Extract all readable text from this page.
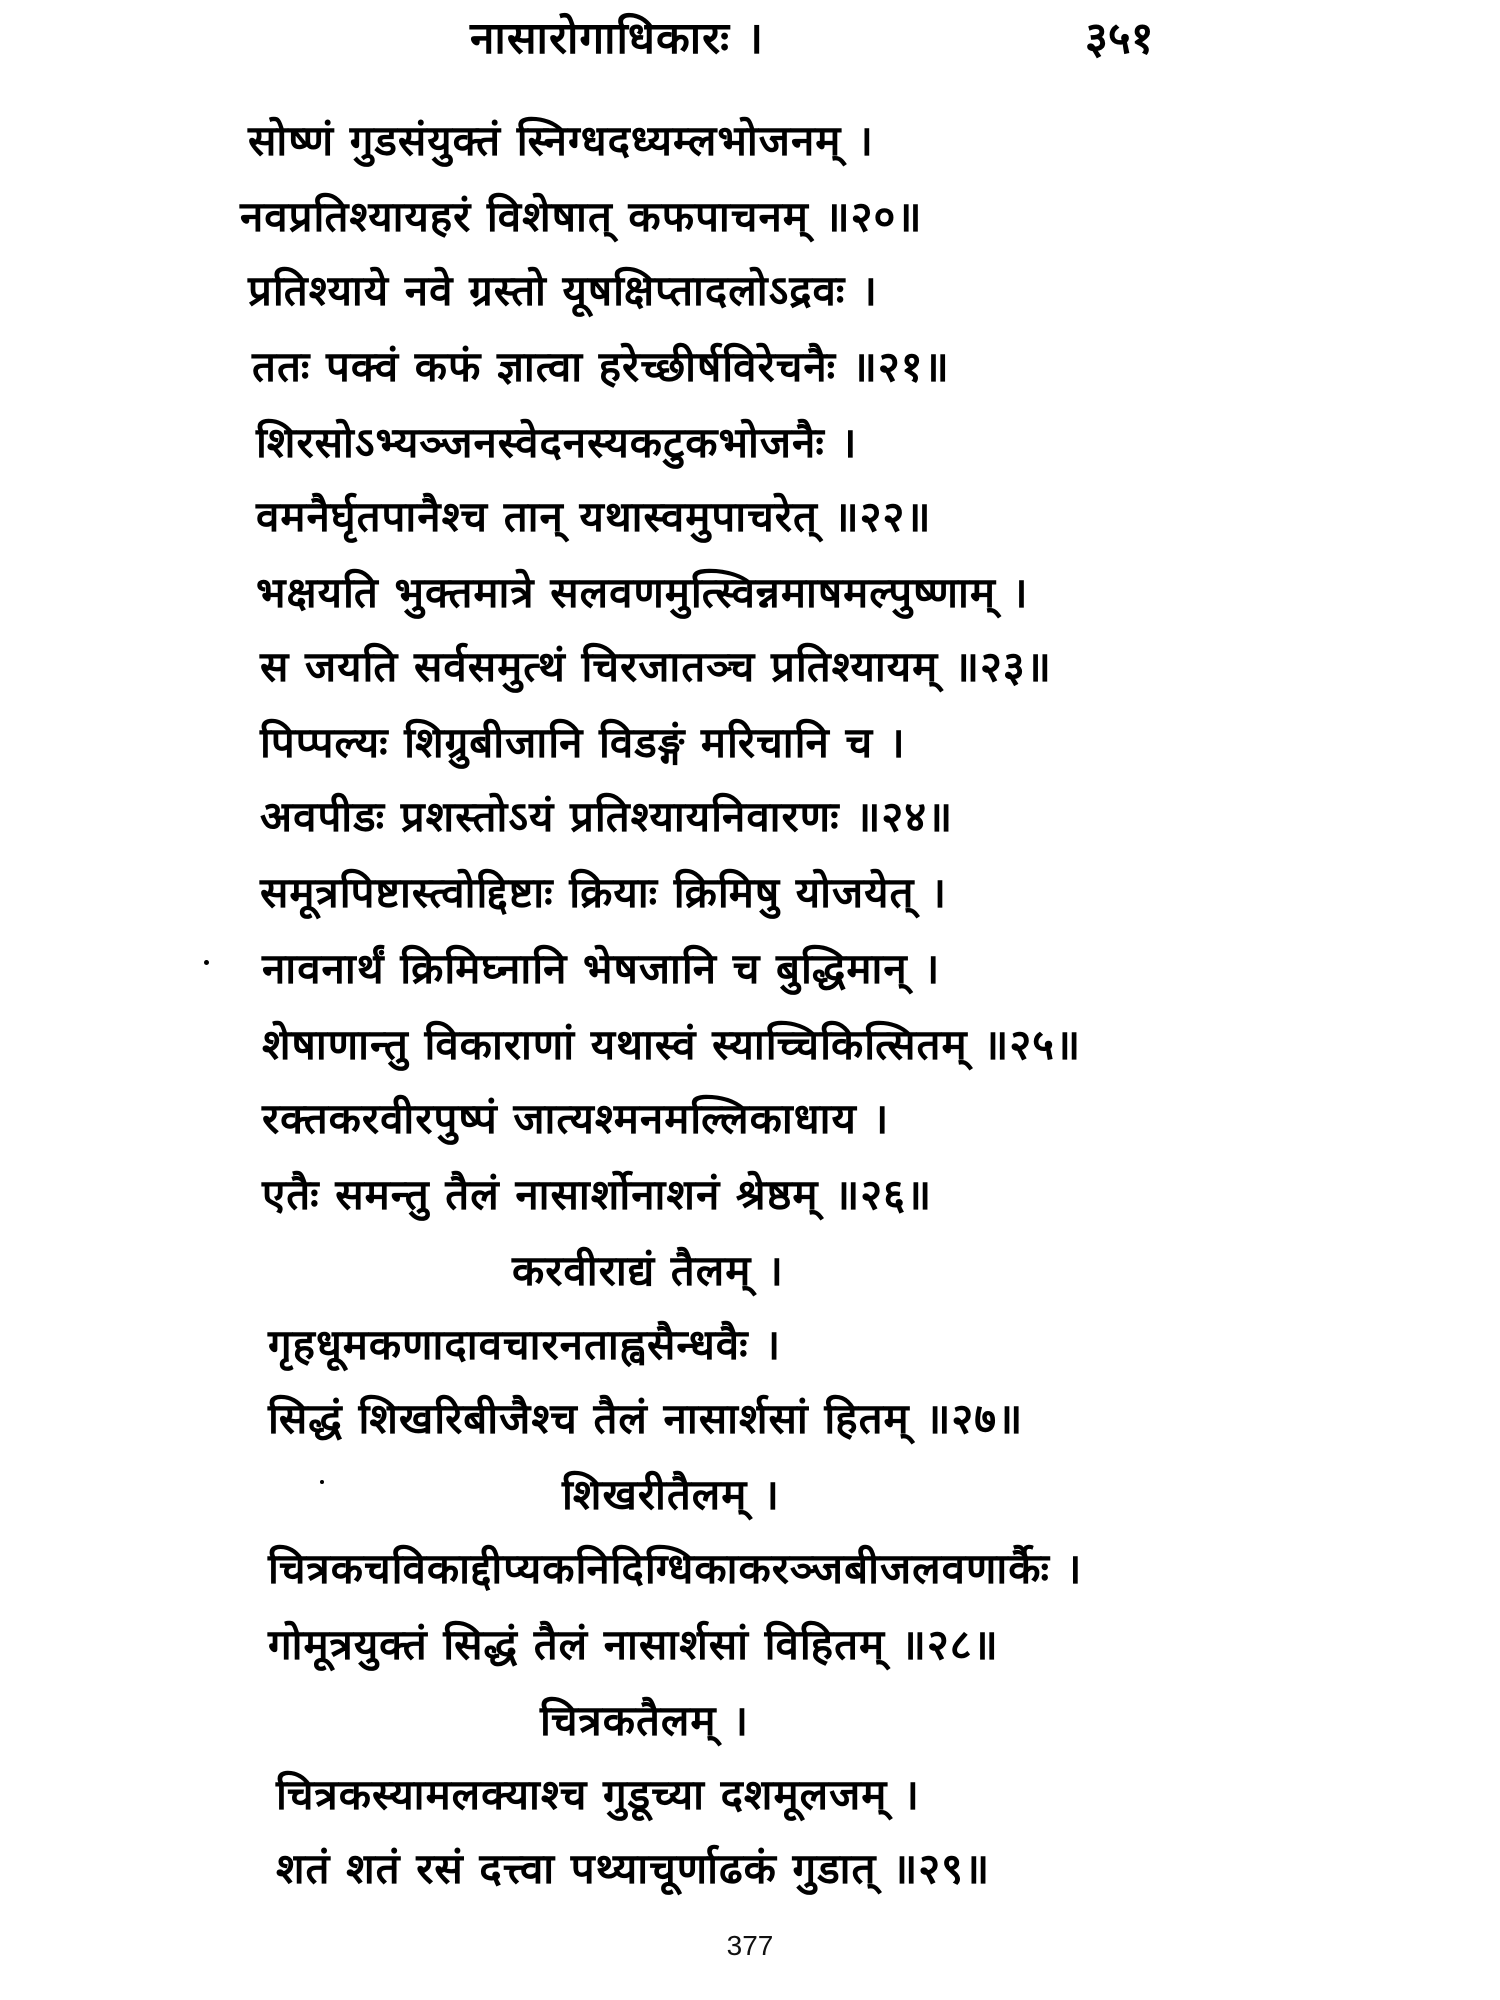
नासारोगाधिकारः ।	३५१
सोष्णं गुडसंयुक्तं स्निग्धदध्यम्लभोजनम् ।
नवप्रतिश्यायहरं विशेषात् कफपाचनम् ॥२०॥
प्रतिश्याये नवे ग्रस्तो यूषक्षिप्तादलोऽद्रवः ।
ततः पक्वं कफं ज्ञात्वा हरेच्छीर्षविरेचनैः ॥२१॥
शिरसोऽभ्यञ्जनस्वेदनस्यकटुकभोजनैः ।
वमनैर्घृतपानैश्च तान् यथास्वमुपाचरेत् ॥२२॥
भक्षयति भुक्तमात्रे सलवणमुत्स्विन्नमाषमल्पुष्णाम् ।
स जयति सर्वसमुत्थं चिरजातञ्च प्रतिश्यायम् ॥२३॥
पिप्पल्यः शिग्रुबीजानि विडङ्गं मरिचानि च ।
अवपीडः प्रशस्तोऽयं प्रतिश्यायनिवारणः ॥२४॥
समूत्रपिष्टास्त्वोद्दिष्टाः क्रियाः क्रिमिषु योजयेत् ।
नावनार्थं क्रिमिघ्नानि भेषजानि च बुद्धिमान् ।
शेषाणान्तु विकाराणां यथास्वं स्याच्चिकित्सितम् ॥२५॥
रक्तकरवीरपुष्पं जात्यश्मनमल्लिकाधाय ।
एतैः समन्तु तैलं नासार्शोनाशनं श्रेष्ठम् ॥२६॥
करवीराद्यं तैलम् ।
गृहधूमकणादावचारनताह्वसैन्धवैः ।
सिद्धं शिखरिबीजैश्च तैलं नासार्शसां हितम् ॥२७॥
शिखरीतैलम् ।
चित्रकचविकाद्दीप्यकनिदिग्धिकाकरञ्जबीजलवणार्कैः ।
गोमूत्रयुक्तं सिद्धं तैलं नासार्शसां विहितम् ॥२८॥
चित्रकतैलम् ।
चित्रकस्यामलक्याश्च गुडूच्या दशमूलजम् ।
शतं शतं रसं दत्त्वा पथ्याचूर्णाढकं गुडात् ॥२९॥
377
